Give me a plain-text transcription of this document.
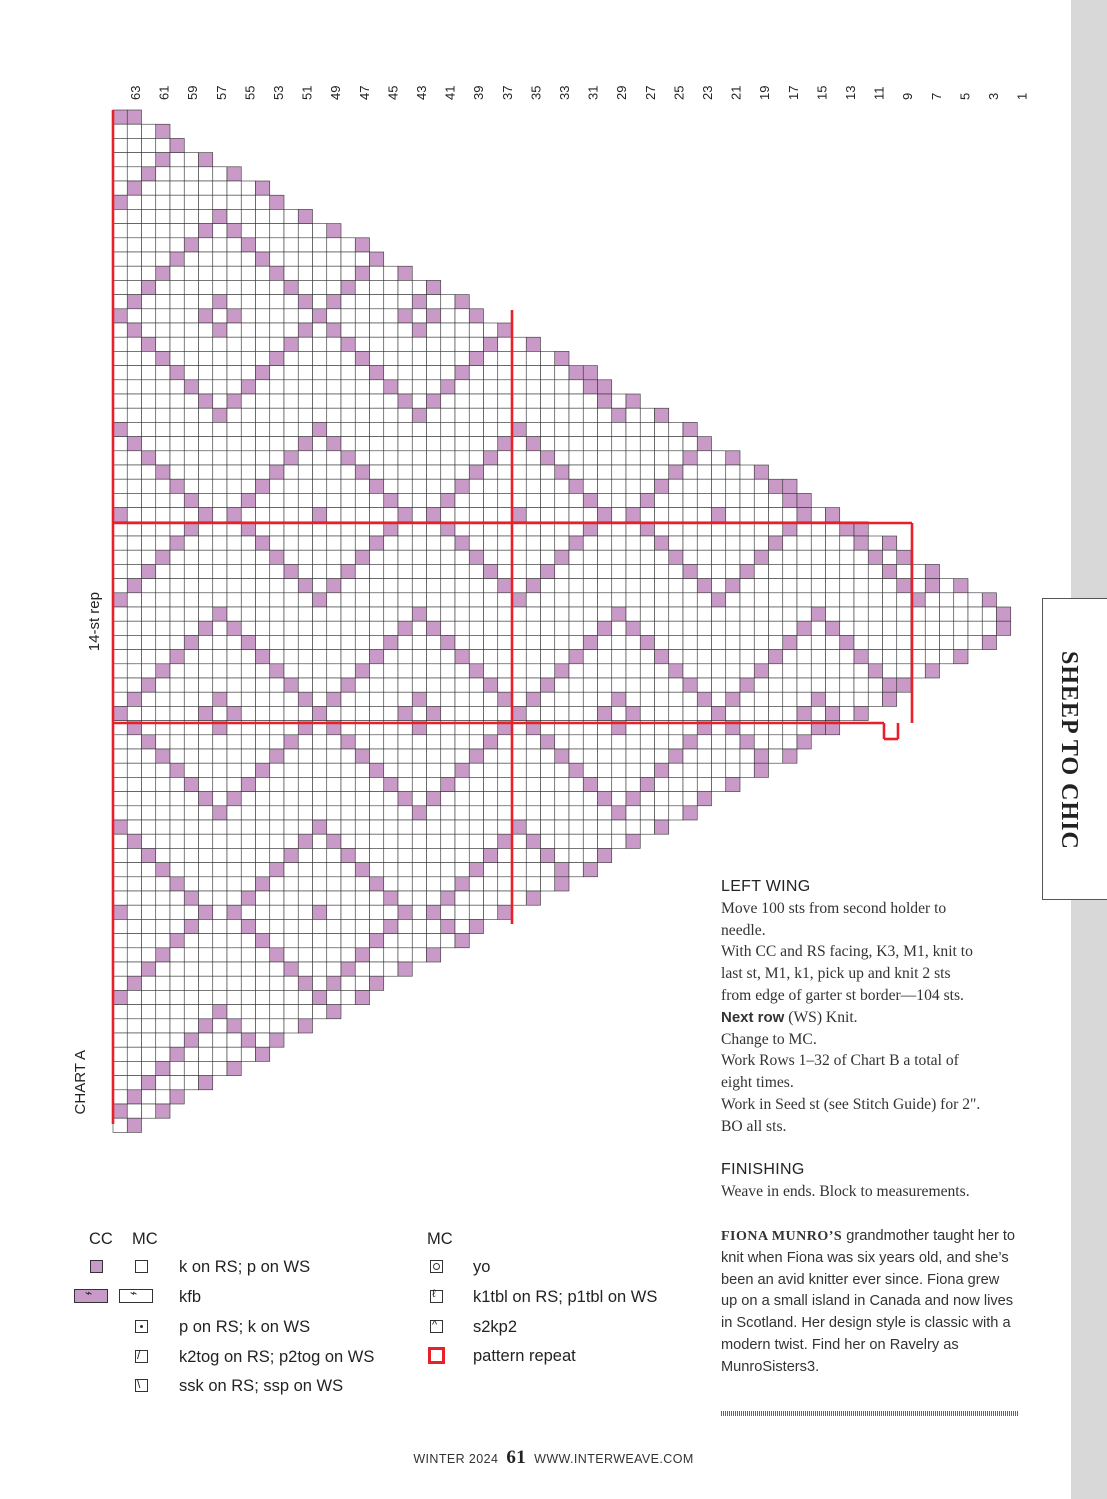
63 61 59 57 55 53 51 49 47 45 43 41 39 37 35 33 31 29 27 25 23 21 19 17 15 13 11 9 7 5 3 1
CHART A
14-st rep
SHEEP TO CHIC
LEFT WING
Move 100 sts from second holder to
needle.
With CC and RS facing, K3, M1, knit to
last st, M1, k1, pick up and knit 2 sts
from edge of garter st border—104 sts.
Next row (WS) Knit.
Change to MC.
Work Rows 1–32 of Chart B a total of
eight times.
Work in Seed st (see Stitch Guide) for 2".
BO all sts.
FINISHING
Weave in ends. Block to measurements.
FIONA MUNRO’S grandmother taught her to knit when Fiona was six years old, and she’s been an avid knitter ever since. Fiona grew up on a small island in Canada and now lives in Scotland. Her design style is classic with a modern twist. Find her on Ravelry as MunroSisters3.
CC MC	MC
k on RS; p on WS
⌁	⌁	kfb
p on RS; k on WS
/ k2tog on RS; p2tog on WS
\ ssk on RS; ssp on WS
yo
ℓ k1tbl on RS; p1tbl on WS
^ s2kp2
pattern repeat
WINTER 2024 61 WWW.INTERWEAVE.COM
